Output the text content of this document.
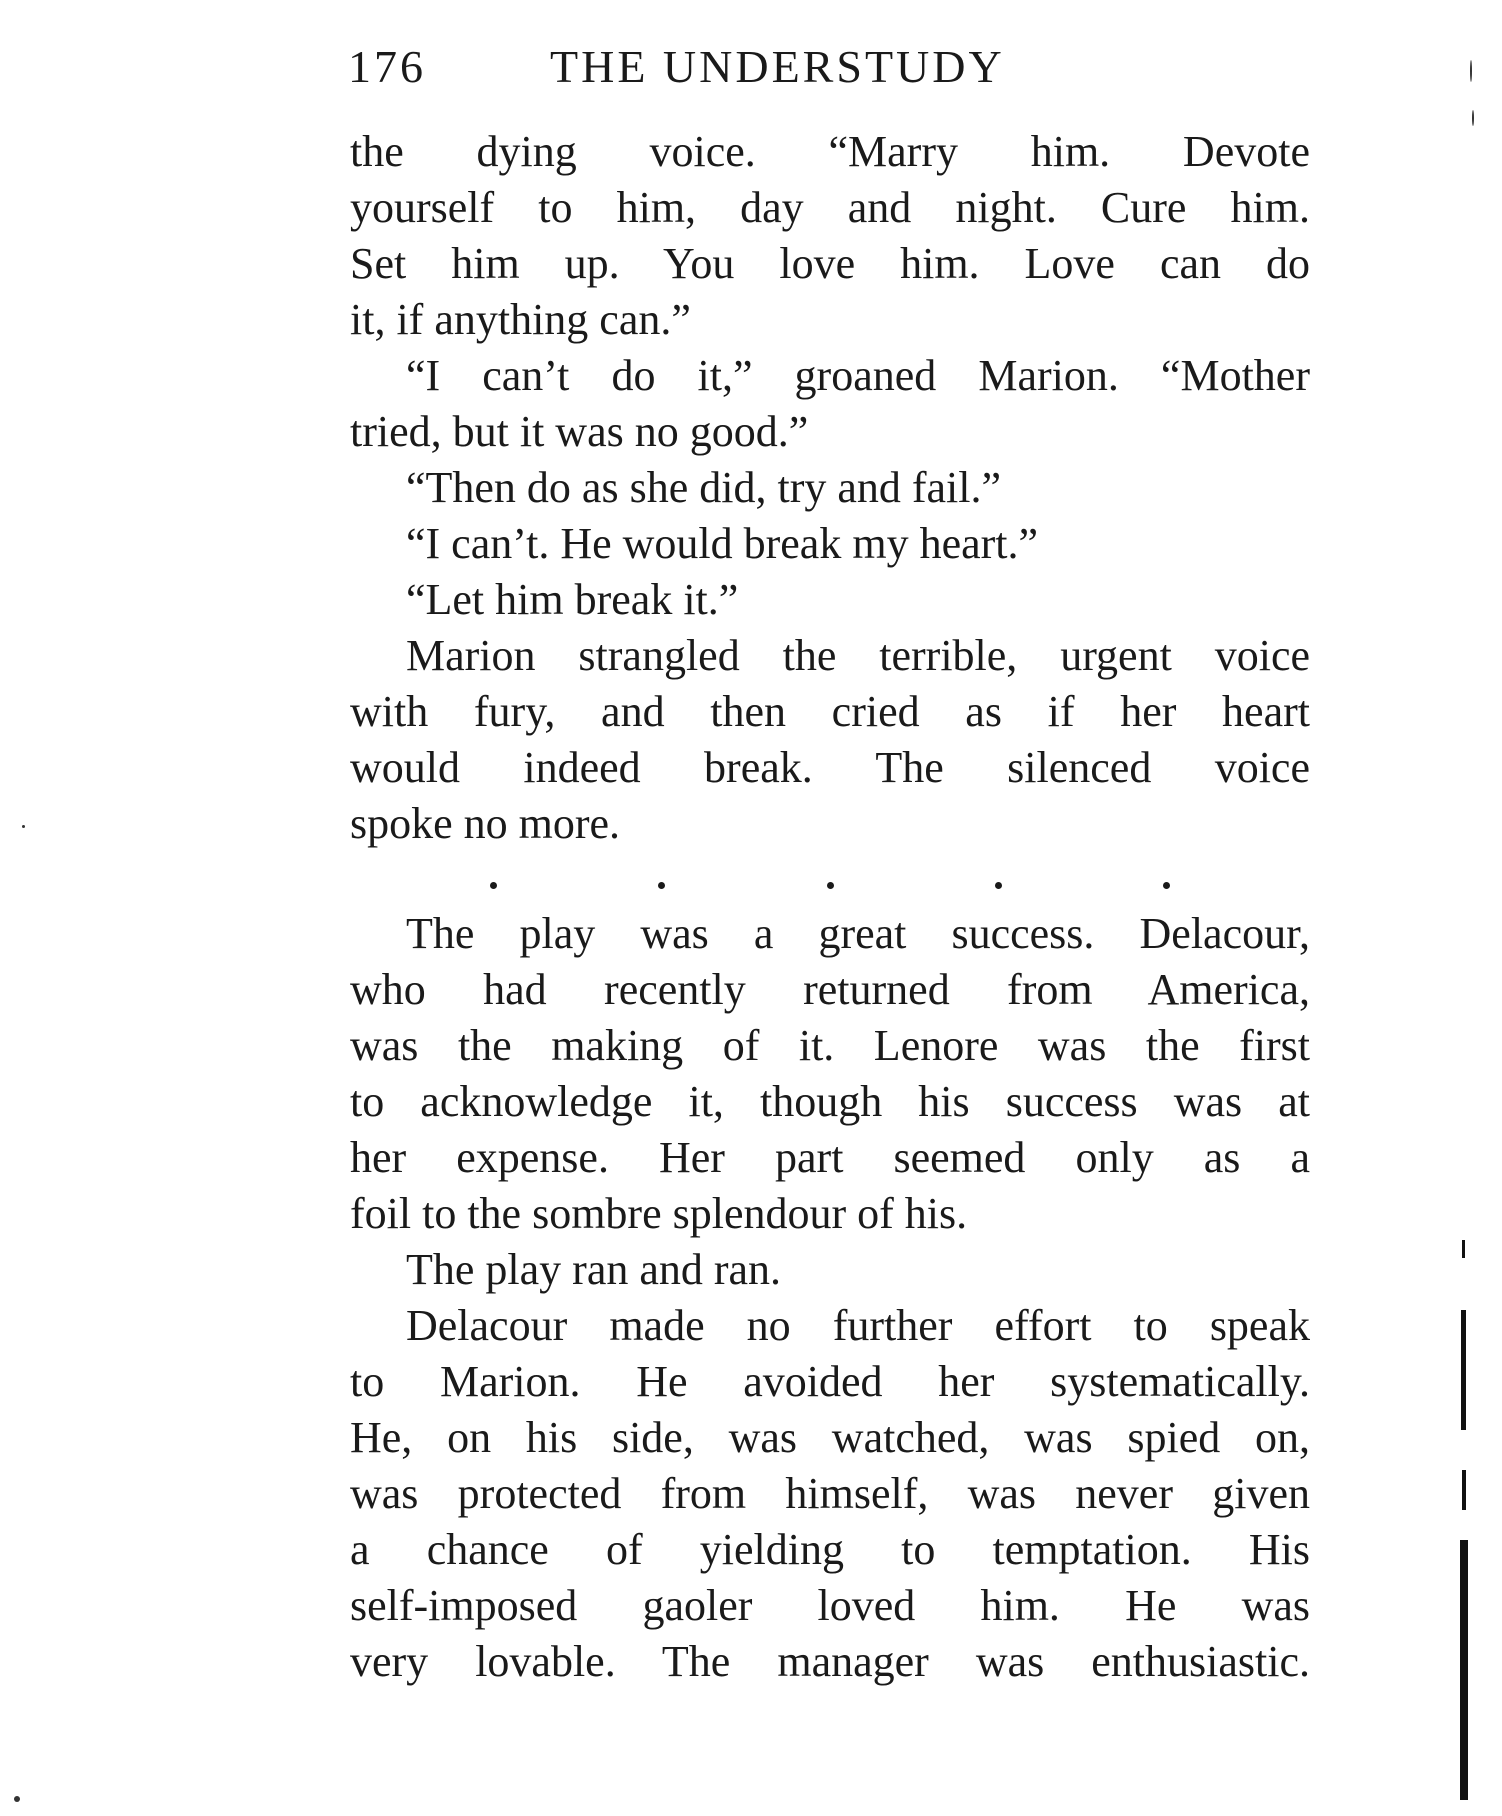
176	THE UNDERSTUDY
the dying voice. “Marry him. Devote
yourself to him, day and night. Cure him.
Set him up. You love him. Love can do
it, if anything can.”
“I can’t do it,” groaned Marion. “Mother
tried, but it was no good.”
“Then do as she did, try and fail.”
“I can’t. He would break my heart.”
“Let him break it.”
Marion strangled the terrible, urgent voice
with fury, and then cried as if her heart
would indeed break. The silenced voice
spoke no more.
The play was a great success. Delacour,
who had recently returned from America,
was the making of it. Lenore was the first
to acknowledge it, though his success was at
her expense. Her part seemed only as a
foil to the sombre splendour of his.
The play ran and ran.
Delacour made no further effort to speak
to Marion. He avoided her systematically.
He, on his side, was watched, was spied on,
was protected from himself, was never given
a chance of yielding to temptation. His
self-imposed gaoler loved him. He was
very lovable. The manager was enthusiastic.
